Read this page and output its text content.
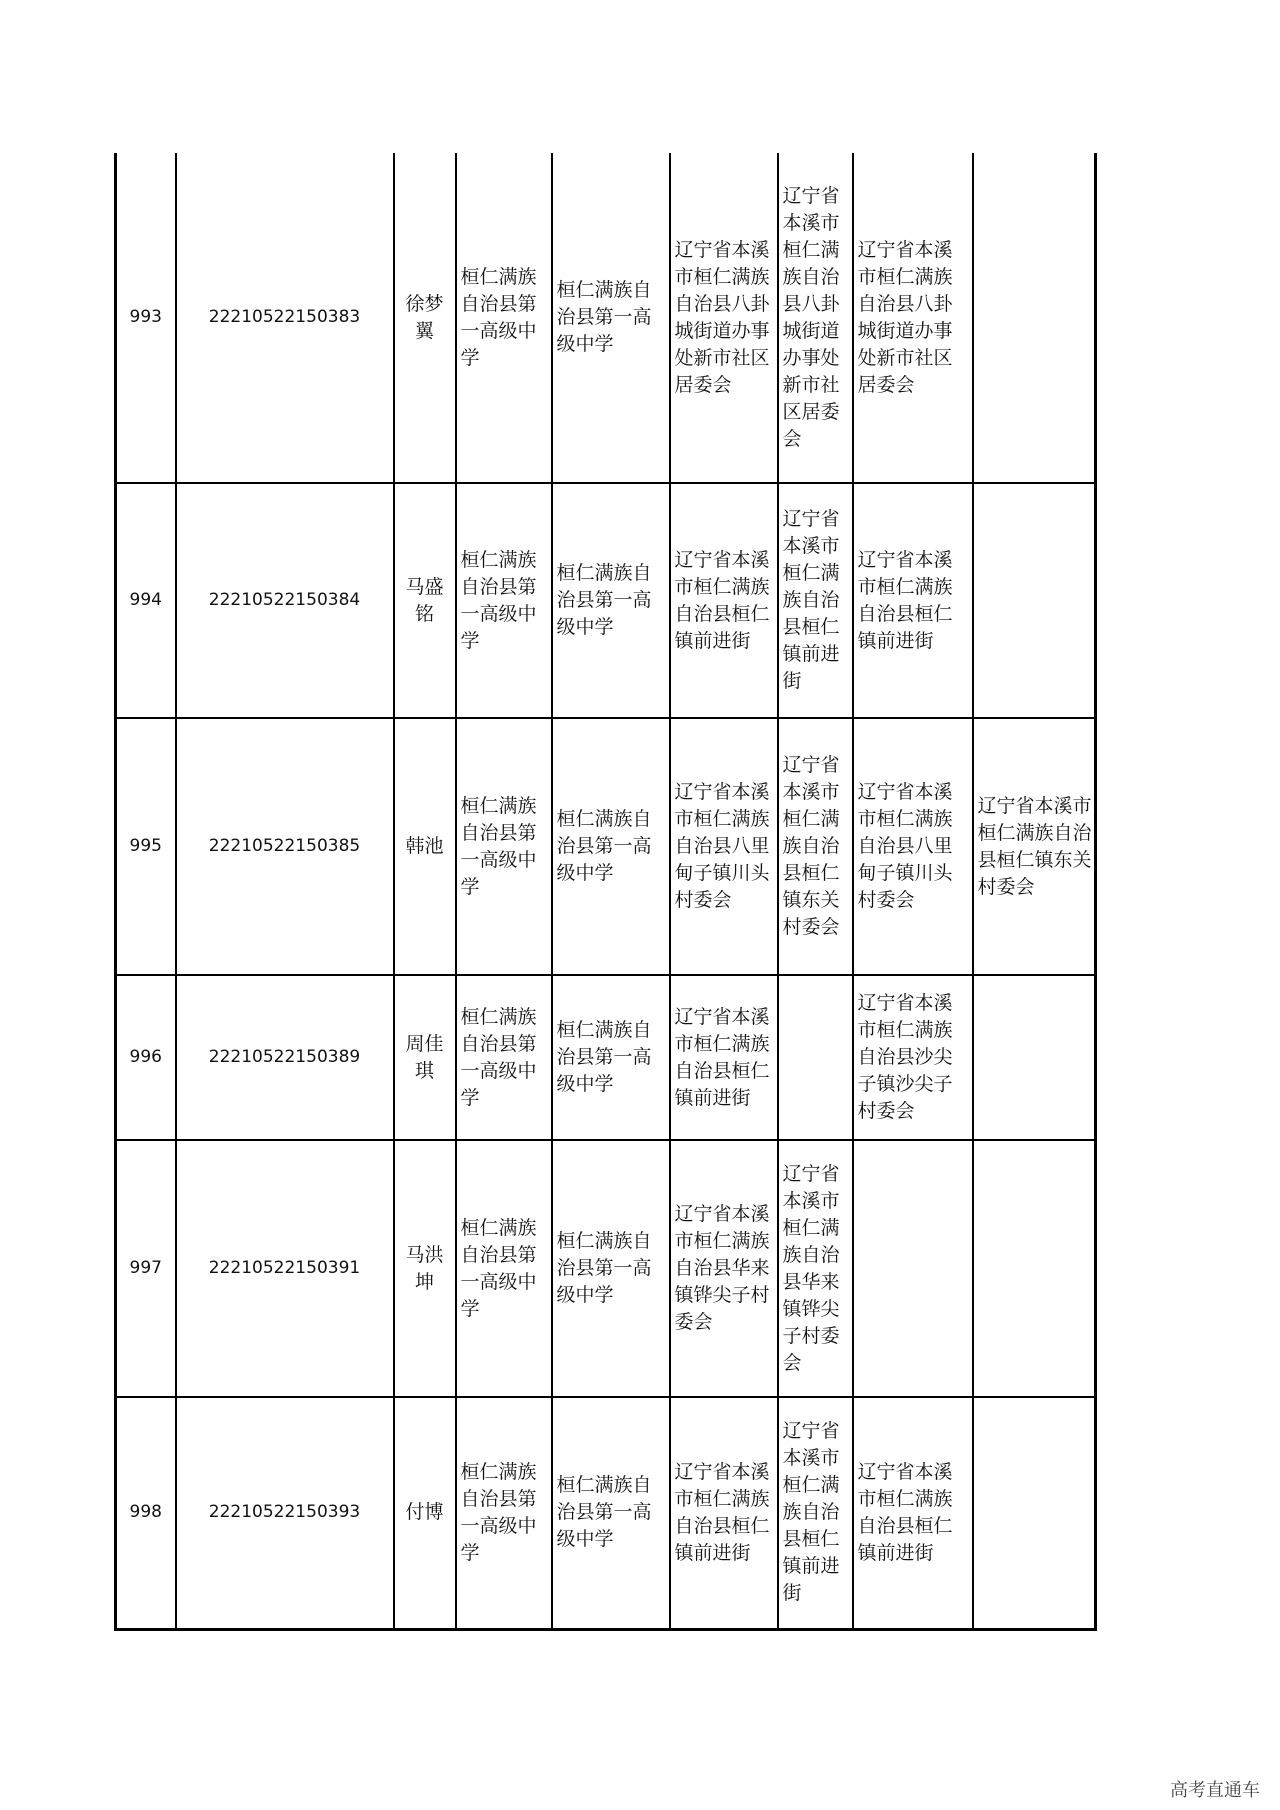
993	22210522150383	徐梦翼	桓仁满族自治县第一高级中学	桓仁满族自治县第一高级中学	辽宁省本溪市桓仁满族自治县八卦城街道办事处新市社区居委会	辽宁省本溪市桓仁满族自治县八卦城街道办事处新市社区居委会	辽宁省本溪市桓仁满族自治县八卦城街道办事处新市社区居委会	
994	22210522150384	马盛铭	桓仁满族自治县第一高级中学	桓仁满族自治县第一高级中学	辽宁省本溪市桓仁满族自治县桓仁镇前进街	辽宁省本溪市桓仁满族自治县桓仁镇前进街	辽宁省本溪市桓仁满族自治县桓仁镇前进街	
995	22210522150385	韩池	桓仁满族自治县第一高级中学	桓仁满族自治县第一高级中学	辽宁省本溪市桓仁满族自治县八里甸子镇川头村委会	辽宁省本溪市桓仁满族自治县桓仁镇东关村委会	辽宁省本溪市桓仁满族自治县八里甸子镇川头村委会	辽宁省本溪市桓仁满族自治县桓仁镇东关村委会
996	22210522150389	周佳琪	桓仁满族自治县第一高级中学	桓仁满族自治县第一高级中学	辽宁省本溪市桓仁满族自治县桓仁镇前进街		辽宁省本溪市桓仁满族自治县沙尖子镇沙尖子村委会	
997	22210522150391	马洪坤	桓仁满族自治县第一高级中学	桓仁满族自治县第一高级中学	辽宁省本溪市桓仁满族自治县华来镇铧尖子村委会	辽宁省本溪市桓仁满族自治县华来镇铧尖子村委会		
998	22210522150393	付博	桓仁满族自治县第一高级中学	桓仁满族自治县第一高级中学	辽宁省本溪市桓仁满族自治县桓仁镇前进街	辽宁省本溪市桓仁满族自治县桓仁镇前进街	辽宁省本溪市桓仁满族自治县桓仁镇前进街	
高考直通车
